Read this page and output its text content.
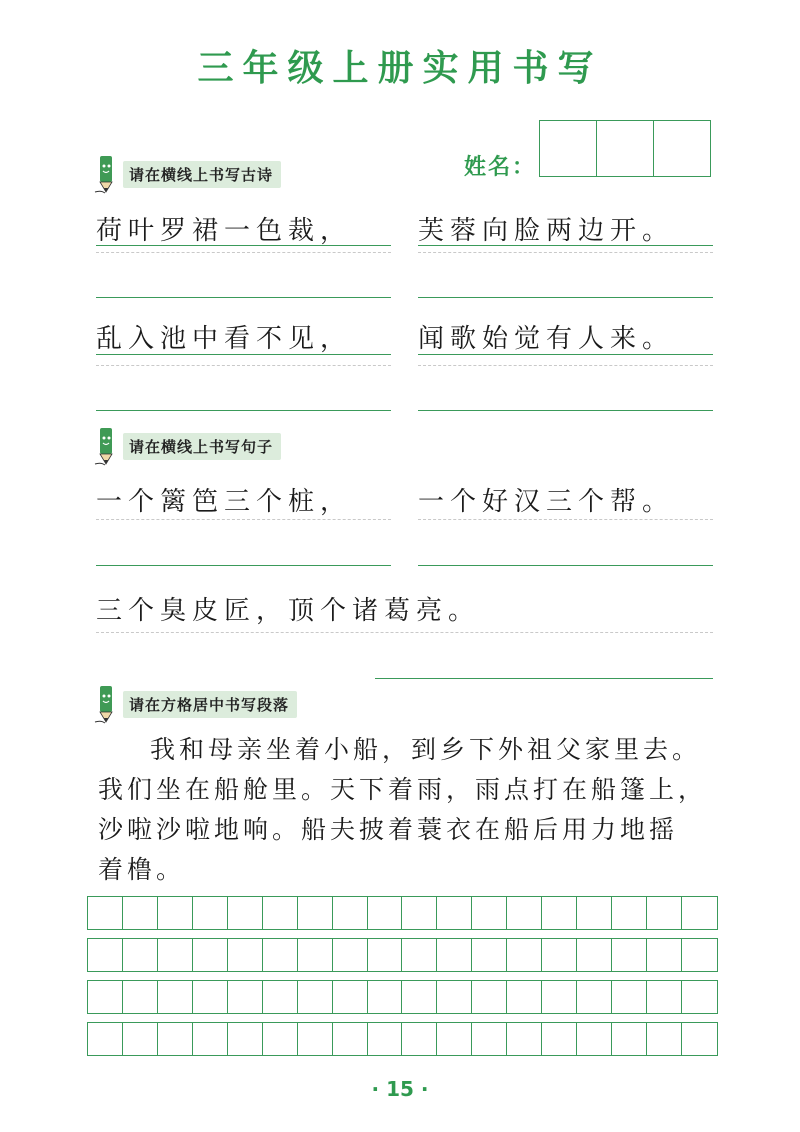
三年级上册实用书写
姓名：
请在横线上书写古诗
荷叶罗裙一色裁，	芙蓉向脸两边开。
乱入池中看不见，	闻歌始觉有人来。
请在横线上书写句子
一个篱笆三个桩，	一个好汉三个帮。
三个臭皮匠，顶个诸葛亮。
请在方格居中书写段落

我和母亲坐着小船，到乡下外祖父家里去。

我们坐在船舱里。天下着雨，雨点打在船篷上，

沙啦沙啦地响。船夫披着蓑衣在船后用力地摇

着橹。

· 15 ·
